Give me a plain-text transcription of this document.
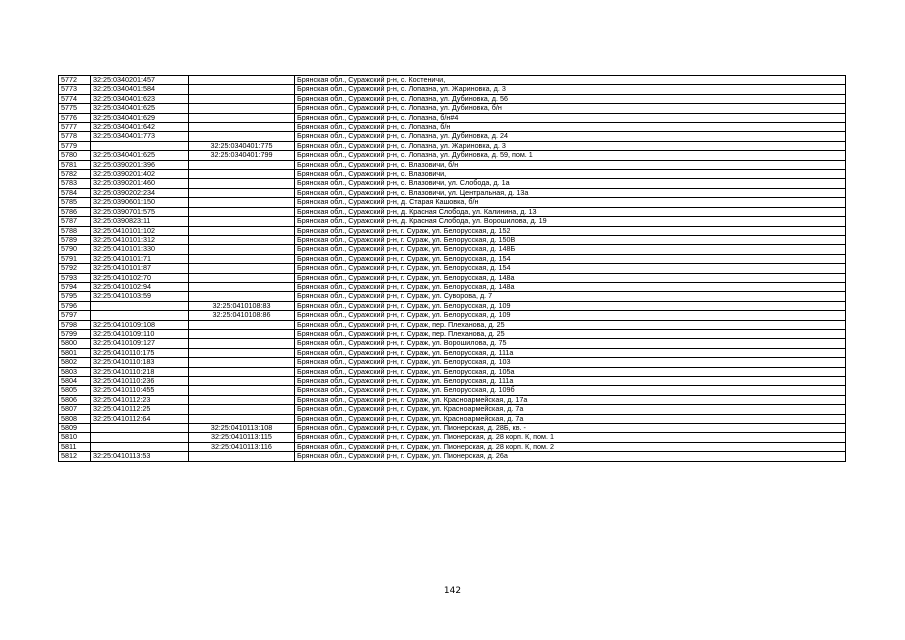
5772	32:25:0340201:457		Брянская обл., Суражский р-н, с. Костеничи,
5773	32:25:0340401:584		Брянская обл., Суражский р-н, с. Лопазна, ул. Жариновка, д. 3
5774	32:25:0340401:623		Брянская обл., Суражский р-н, с. Лопазна, ул. Дубиновка, д. 56
5775	32:25:0340401:625		Брянская обл., Суражский р-н, с. Лопазна, ул. Дубиновка, б/н
5776	32:25:0340401:629		Брянская обл., Суражский р-н, с. Лопазна, б/н#4
5777	32:25:0340401:642		Брянская обл., Суражский р-н, с. Лопазна, б/н
5778	32:25:0340401:773		Брянская обл., Суражский р-н, с. Лопазна, ул. Дубиновка, д. 24
5779		32:25:0340401:775	Брянская обл., Суражский р-н, с. Лопазна, ул. Жариновка, д. 3
5780	32:25:0340401:625	32:25:0340401:799	Брянская обл., Суражский р-н, с. Лопазна, ул. Дубиновка, д. 59, пом. 1
5781	32:25:0390201:396		Брянская обл., Суражский р-н, с. Влазовичи, б/н
5782	32:25:0390201:402		Брянская обл., Суражский р-н, с. Влазовичи,
5783	32:25:0390201:460		Брянская обл., Суражский р-н, с. Влазовичи, ул. Слобода, д. 1а
5784	32:25:0390202:234		Брянская обл., Суражский р-н, с. Влазовичи, ул. Центральная, д. 13а
5785	32:25:0390601:150		Брянская обл., Суражский р-н, д. Старая Кашовка, б/н
5786	32:25:0390701:575		Брянская обл., Суражский р-н, д. Красная Слобода, ул. Калинина, д. 13
5787	32:25:0390823:11		Брянская обл., Суражский р-н, д. Красная Слобода, ул. Ворошилова, д. 19
5788	32:25:0410101:102		Брянская обл., Суражский р-н, г. Сураж, ул. Белорусская, д. 152
5789	32:25:0410101:312		Брянская обл., Суражский р-н, г. Сураж, ул. Белорусская, д. 150В
5790	32:25:0410101:330		Брянская обл., Суражский р-н, г. Сураж, ул. Белорусская, д. 148Б
5791	32:25:0410101:71		Брянская обл., Суражский р-н, г. Сураж, ул. Белорусская, д. 154
5792	32:25:0410101:87		Брянская обл., Суражский р-н, г. Сураж, ул. Белорусская, д. 154
5793	32:25:0410102:70		Брянская обл., Суражский р-н, г. Сураж, ул. Белорусская, д. 148а
5794	32:25:0410102:94		Брянская обл., Суражский р-н, г. Сураж, ул. Белорусская, д. 148а
5795	32:25:0410103:59		Брянская обл., Суражский р-н, г. Сураж, ул. Суворова, д. 7
5796		32:25:0410108:83	Брянская обл., Суражский р-н, г. Сураж, ул. Белорусская, д. 109
5797		32:25:0410108:86	Брянская обл., Суражский р-н, г. Сураж, ул. Белорусская, д. 109
5798	32:25:0410109:108		Брянская обл., Суражский р-н, г. Сураж, пер. Плеханова, д. 25
5799	32:25:0410109:110		Брянская обл., Суражский р-н, г. Сураж, пер. Плеханова, д. 25
5800	32:25:0410109:127		Брянская обл., Суражский р-н, г. Сураж, ул. Ворошилова, д. 75
5801	32:25:0410110:175		Брянская обл., Суражский р-н, г. Сураж, ул. Белорусская, д. 111а
5802	32:25:0410110:183		Брянская обл., Суражский р-н, г. Сураж, ул. Белорусская, д. 103
5803	32:25:0410110:218		Брянская обл., Суражский р-н, г. Сураж, ул. Белорусская, д. 105а
5804	32:25:0410110:236		Брянская обл., Суражский р-н, г. Сураж, ул. Белорусская, д. 111а
5805	32:25:0410110:455		Брянская обл., Суражский р-н, г. Сураж, ул. Белорусская, д. 109б
5806	32:25:0410112:23		Брянская обл., Суражский р-н, г. Сураж, ул. Красноармейская, д. 17а
5807	32:25:0410112:25		Брянская обл., Суражский р-н, г. Сураж, ул. Красноармейская, д. 7а
5808	32:25:0410112:64		Брянская обл., Суражский р-н, г. Сураж, ул. Красноармейская, д. 7а
5809		32:25:0410113:108	Брянская обл., Суражский р-н, г. Сураж, ул. Пионерская, д. 28Б, кв. -
5810		32:25:0410113:115	Брянская обл., Суражский р-н, г. Сураж, ул. Пионерская, д. 28 корп. К, пом. 1
5811		32:25:0410113:116	Брянская обл., Суражский р-н, г. Сураж, ул. Пионерская, д. 28 корп. К, пом. 2
5812	32:25:0410113:53		Брянская обл., Суражский р-н, г. Сураж, ул. Пионерская, д. 26а
142
